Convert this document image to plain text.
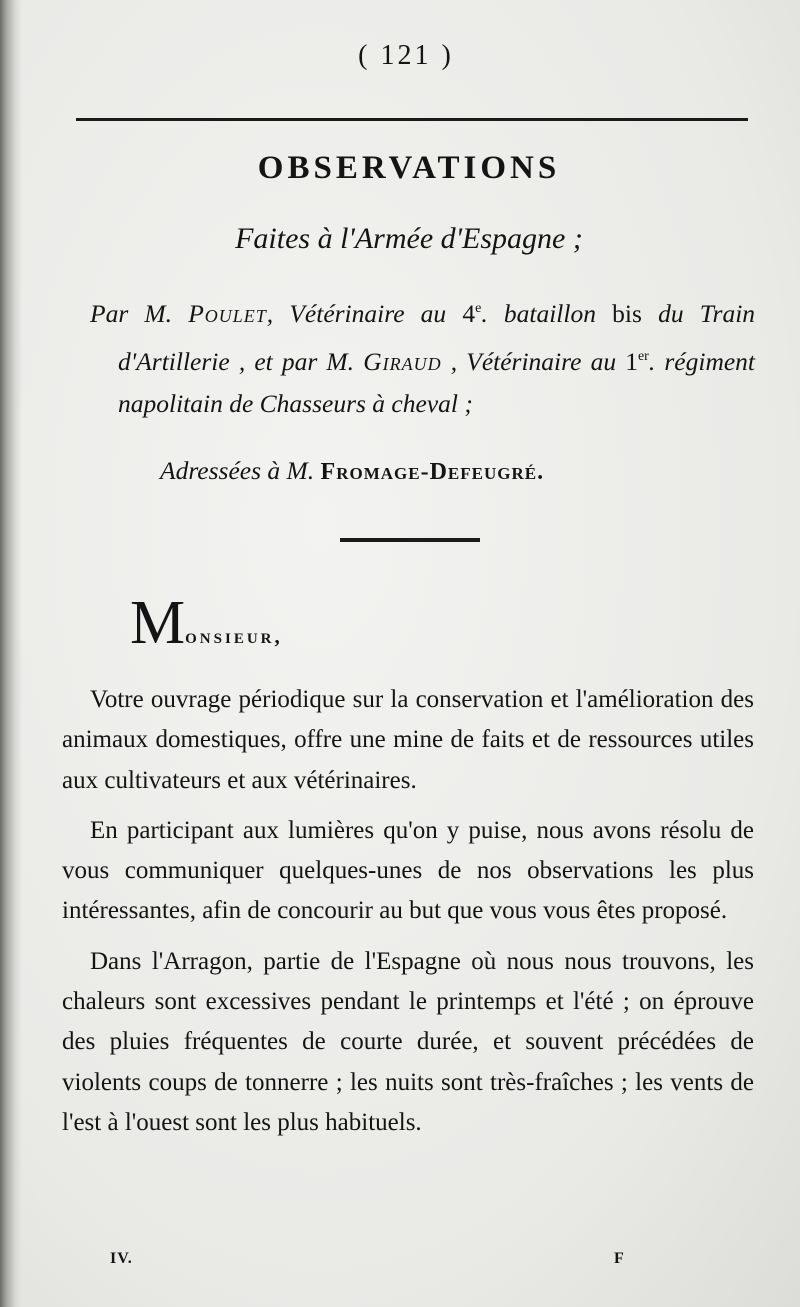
( 121 )
OBSERVATIONS
Faites à l'Armée d'Espagne ;
Par M. Poulet, Vétérinaire au 4e. bataillon bis du Train d'Artillerie , et par M. Giraud , Vétérinaire au 1er. régiment napolitain de Chasseurs à cheval ;
Adressées à M. Fromage-Defeugré.
Monsieur,

Votre ouvrage périodique sur la conservation et l'amélioration des animaux domestiques, offre une mine de faits et de ressources utiles aux cultivateurs et aux vétérinaires.

En participant aux lumières qu'on y puise, nous avons résolu de vous communiquer quelques-unes de nos observations les plus intéressantes, afin de concourir au but que vous vous êtes proposé.

Dans l'Arragon, partie de l'Espagne où nous nous trouvons, les chaleurs sont excessives pendant le printemps et l'été ; on éprouve des pluies fréquentes de courte durée, et souvent précédées de violents coups de tonnerre ; les nuits sont très-fraîches ; les vents de l'est à l'ouest sont les plus habituels.

IV.	F
